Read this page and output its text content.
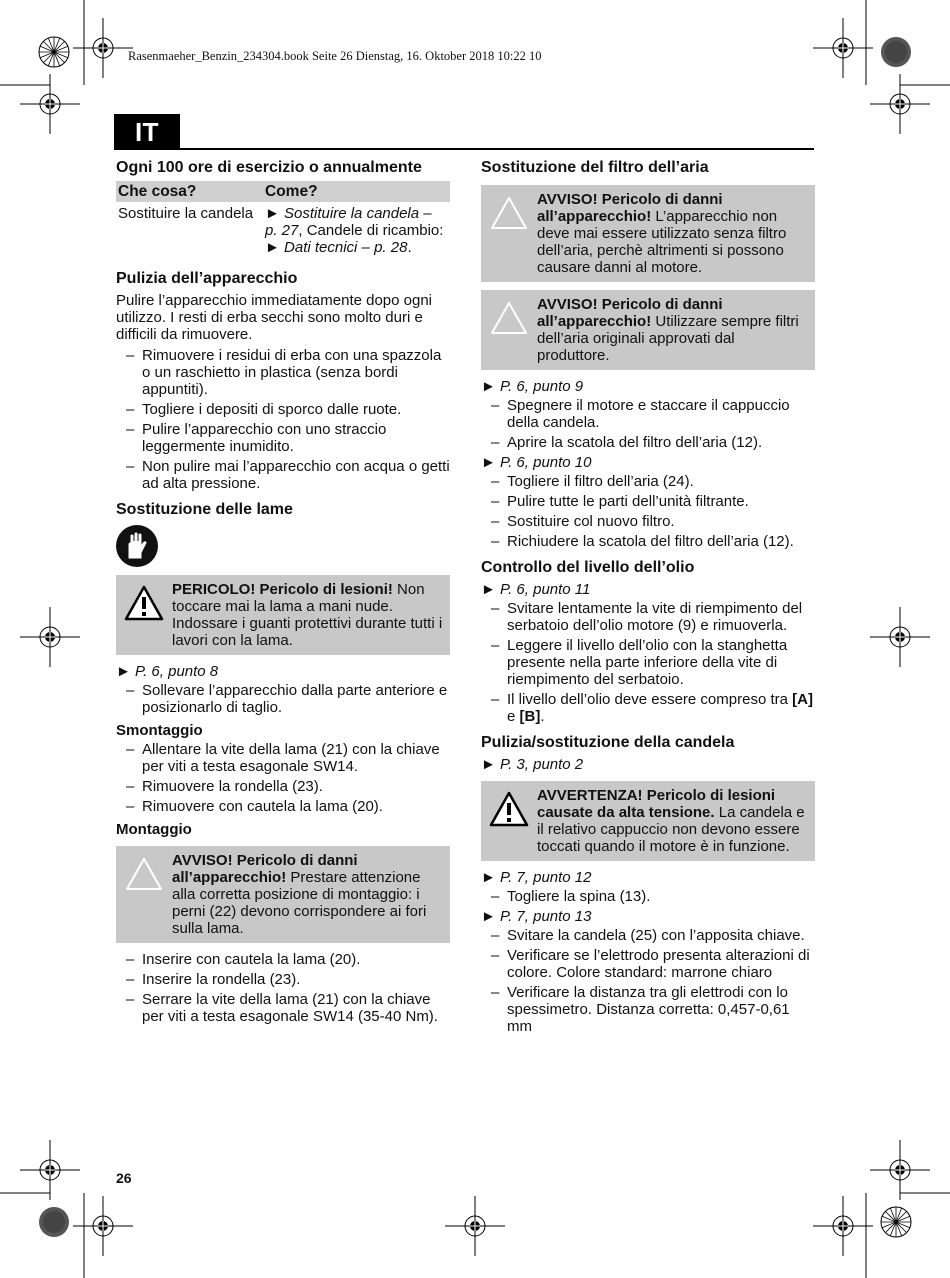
Rasenmaeher_Benzin_234304.book Seite 26 Dienstag, 16. Oktober 2018 10:22 10
IT
Ogni 100 ore di esercizio o annualmente
Che cosa?	Come?
Sostituire la candela	► Sostituire la candela – p. 27, Candele di ricambio: ► Dati tecnici – p. 28.
Pulizia dell’apparecchio

Pulire l’apparecchio immediatamente dopo ogni utilizzo. I resti di erba secchi sono molto duri e difficili da rimuovere.

– Rimuovere i residui di erba con una spazzola o un raschietto in plastica (senza bordi appuntiti).
– Togliere i depositi di sporco dalle ruote.
– Pulire l’apparecchio con uno straccio leggermente inumidito.
– Non pulire mai l’apparecchio con acqua o getti ad alta pressione.
Sostituzione delle lame
PERICOLO! Pericolo di lesioni! Non toccare mai la lama a mani nude. Indossare i guanti protettivi durante tutti i lavori con la lama.
► P. 6, punto 8
– Sollevare l’apparecchio dalla parte anteriore e posizionarlo di taglio.
Smontaggio
– Allentare la vite della lama (21) con la chiave per viti a testa esagonale SW14.
– Rimuovere la rondella (23).
– Rimuovere con cautela la lama (20).
Montaggio
AVVISO! Pericolo di danni all’apparecchio! Prestare attenzione alla corretta posizione di montaggio: i perni (22) devono corrispondere ai fori sulla lama.
– Inserire con cautela la lama (20).
– Inserire la rondella (23).
– Serrare la vite della lama (21) con la chiave per viti a testa esagonale SW14 (35-40 Nm).
Sostituzione del filtro dell’aria
AVVISO! Pericolo di danni all’apparecchio! L’apparecchio non deve mai essere utilizzato senza filtro dell’aria, perchè altrimenti si possono causare danni al motore.
AVVISO! Pericolo di danni all’apparecchio! Utilizzare sempre filtri dell’aria originali approvati dal produttore.
► P. 6, punto 9
– Spegnere il motore e staccare il cappuccio della candela.
– Aprire la scatola del filtro dell’aria (12).
► P. 6, punto 10
– Togliere il filtro dell’aria (24).
– Pulire tutte le parti dell’unità filtrante.
– Sostituire col nuovo filtro.
– Richiudere la scatola del filtro dell’aria (12).
Controllo del livello dell’olio
► P. 6, punto 11
– Svitare lentamente la vite di riempimento del serbatoio dell’olio motore (9) e rimuoverla.
– Leggere il livello dell’olio con la stanghetta presente nella parte inferiore della vite di riempimento del serbatoio.
– Il livello dell’olio deve essere compreso tra [A] e [B].
Pulizia/sostituzione della candela
► P. 3, punto 2
AVVERTENZA! Pericolo di lesioni causate da alta tensione. La candela e il relativo cappuccio non devono essere toccati quando il motore è in funzione.
► P. 7, punto 12
– Togliere la spina (13).
► P. 7, punto 13
– Svitare la candela (25) con l’apposita chiave.
– Verificare se l’elettrodo presenta alterazioni di colore. Colore standard: marrone chiaro
– Verificare la distanza tra gli elettrodi con lo spessimetro. Distanza corretta: 0,457-0,61 mm
26
